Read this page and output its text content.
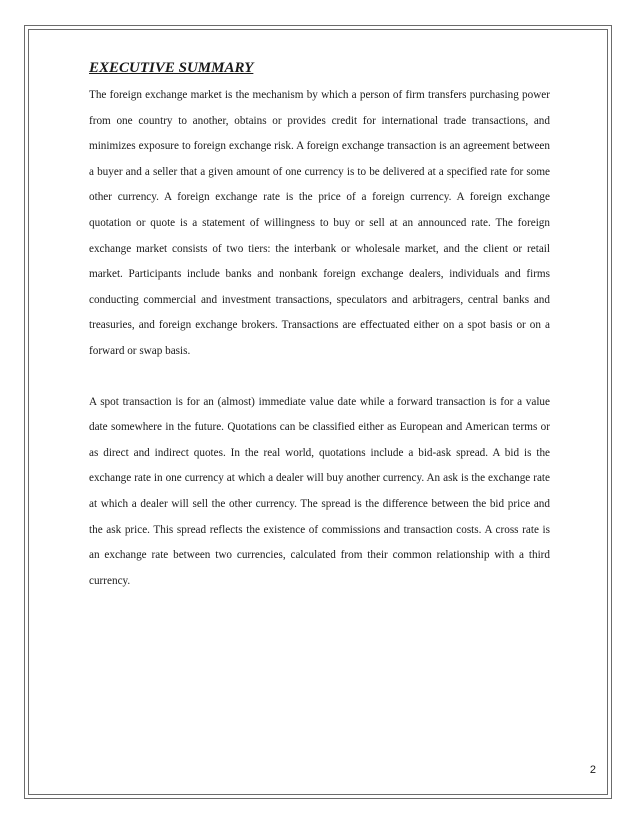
EXECUTIVE SUMMARY

The foreign exchange market is the mechanism by which a person of firm transfers purchasing power from one country to another, obtains or provides credit for international trade transactions, and minimizes exposure to foreign exchange risk. A foreign exchange transaction is an agreement between a buyer and a seller that a given amount of one currency is to be delivered at a specified rate for some other currency. A foreign exchange rate is the price of a foreign currency. A foreign exchange quotation or quote is a statement of willingness to buy or sell at an announced rate. The foreign exchange market consists of two tiers: the interbank or wholesale market, and the client or retail market. Participants include banks and nonbank foreign exchange dealers, individuals and firms conducting commercial and investment transactions, speculators and arbitragers, central banks and treasuries, and foreign exchange brokers. Transactions are effectuated either on a spot basis or on a forward or swap basis.

A spot transaction is for an (almost) immediate value date while a forward transaction is for a value date somewhere in the future. Quotations can be classified either as European and American terms or as direct and indirect quotes. In the real world, quotations include a bid-ask spread. A bid is the exchange rate in one currency at which a dealer will buy another currency. An ask is the exchange rate at which a dealer will sell the other currency. The spread is the difference between the bid price and the ask price. This spread reflects the existence of commissions and transaction costs. A cross rate is an exchange rate between two currencies, calculated from their common relationship with a third currency.

2
